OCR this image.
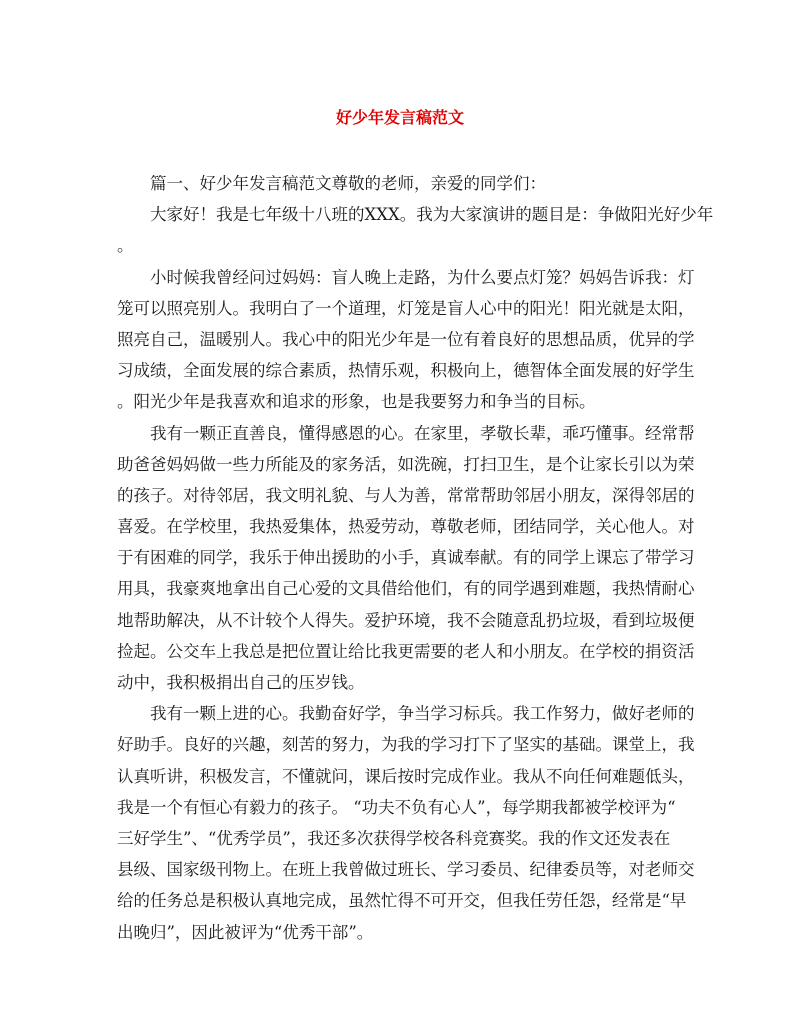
好少年发言稿范文
篇一、好少年发言稿范文尊敬的老师，亲爱的同学们：
大家好！我是七年级十八班的XXX。我为大家演讲的题目是：争做阳光好少年
。
小时候我曾经问过妈妈：盲人晚上走路，为什么要点灯笼？妈妈告诉我：灯
笼可以照亮别人。我明白了一个道理，灯笼是盲人心中的阳光！阳光就是太阳，
照亮自己，温暖别人。我心中的阳光少年是一位有着良好的思想品质，优异的学
习成绩，全面发展的综合素质，热情乐观，积极向上，德智体全面发展的好学生
。阳光少年是我喜欢和追求的形象，也是我要努力和争当的目标。
我有一颗正直善良，懂得感恩的心。在家里，孝敬长辈，乖巧懂事。经常帮
助爸爸妈妈做一些力所能及的家务活，如洗碗，打扫卫生，是个让家长引以为荣
的孩子。对待邻居，我文明礼貌、与人为善，常常帮助邻居小朋友，深得邻居的
喜爱。在学校里，我热爱集体，热爱劳动，尊敬老师，团结同学，关心他人。对
于有困难的同学，我乐于伸出援助的小手，真诚奉献。有的同学上课忘了带学习
用具，我豪爽地拿出自己心爱的文具借给他们，有的同学遇到难题，我热情耐心
地帮助解决，从不计较个人得失。爱护环境，我不会随意乱扔垃圾，看到垃圾便
捡起。公交车上我总是把位置让给比我更需要的老人和小朋友。在学校的捐资活
动中，我积极捐出自己的压岁钱。
我有一颗上进的心。我勤奋好学，争当学习标兵。我工作努力，做好老师的
好助手。良好的兴趣，刻苦的努力，为我的学习打下了坚实的基础。课堂上，我
认真听讲，积极发言，不懂就问，课后按时完成作业。我从不向任何难题低头，
我是一个有恒心有毅力的孩子。 “功夫不负有心人”，每学期我都被学校评为“
三好学生”、“优秀学员”，我还多次获得学校各科竞赛奖。我的作文还发表在
县级、国家级刊物上。在班上我曾做过班长、学习委员、纪律委员等，对老师交
给的任务总是积极认真地完成，虽然忙得不可开交，但我任劳任怨，经常是“早
出晚归”，因此被评为“优秀干部”。
